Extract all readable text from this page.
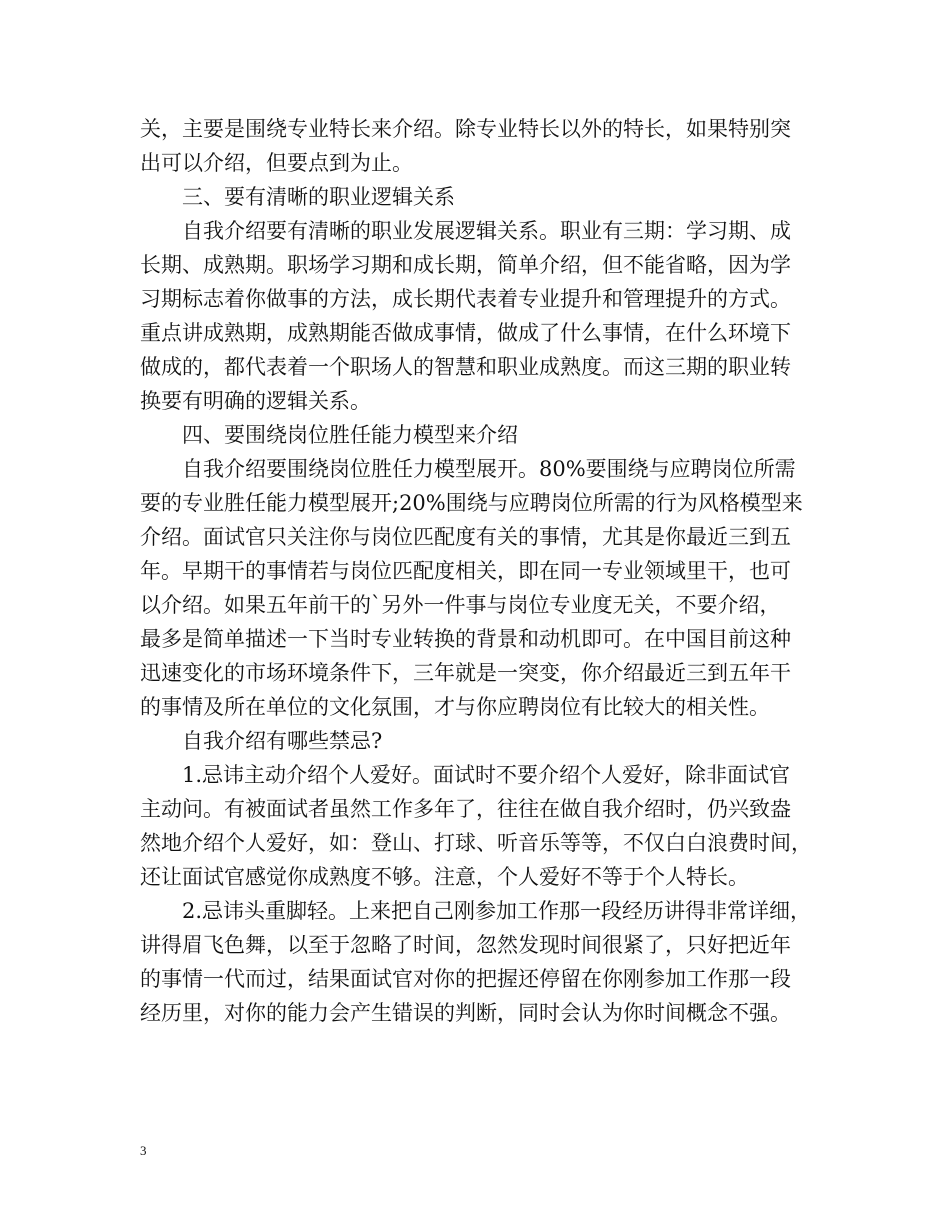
关，主要是围绕专业特长来介绍。除专业特长以外的特长，如果特别突
出可以介绍，但要点到为止。
三、要有清晰的职业逻辑关系
自我介绍要有清晰的职业发展逻辑关系。职业有三期：学习期、成
长期、成熟期。职场学习期和成长期，简单介绍，但不能省略，因为学
习期标志着你做事的方法，成长期代表着专业提升和管理提升的方式。
重点讲成熟期，成熟期能否做成事情，做成了什么事情，在什么环境下
做成的，都代表着一个职场人的智慧和职业成熟度。而这三期的职业转
换要有明确的逻辑关系。
四、要围绕岗位胜任能力模型来介绍
自我介绍要围绕岗位胜任力模型展开。80%要围绕与应聘岗位所需
要的专业胜任能力模型展开;20%围绕与应聘岗位所需的行为风格模型来
介绍。面试官只关注你与岗位匹配度有关的事情，尤其是你最近三到五
年。早期干的事情若与岗位匹配度相关，即在同一专业领域里干，也可
以介绍。如果五年前干的`另外一件事与岗位专业度无关，不要介绍，
最多是简单描述一下当时专业转换的背景和动机即可。在中国目前这种
迅速变化的市场环境条件下，三年就是一突变，你介绍最近三到五年干
的事情及所在单位的文化氛围，才与你应聘岗位有比较大的相关性。
自我介绍有哪些禁忌?
1.忌讳主动介绍个人爱好。面试时不要介绍个人爱好，除非面试官
主动问。有被面试者虽然工作多年了，往往在做自我介绍时，仍兴致盎
然地介绍个人爱好，如：登山、打球、听音乐等等，不仅白白浪费时间，
还让面试官感觉你成熟度不够。注意，个人爱好不等于个人特长。
2.忌讳头重脚轻。上来把自己刚参加工作那一段经历讲得非常详细，
讲得眉飞色舞，以至于忽略了时间，忽然发现时间很紧了，只好把近年
的事情一代而过，结果面试官对你的把握还停留在你刚参加工作那一段
经历里，对你的能力会产生错误的判断，同时会认为你时间概念不强。
3
